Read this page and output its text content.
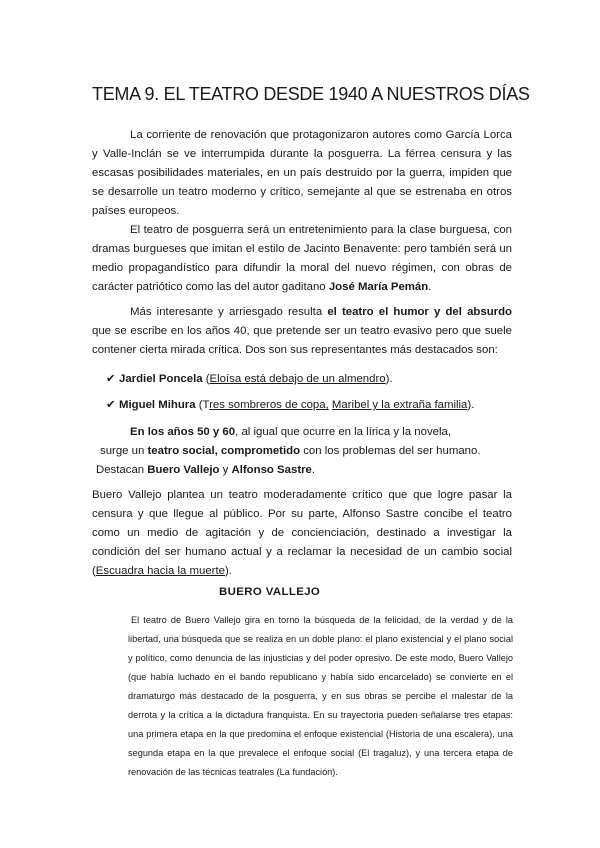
TEMA 9. EL TEATRO DESDE 1940 A NUESTROS DÍAS

La corriente de renovación que protagonizaron autores como García Lorca y Valle-Inclán se ve interrumpida durante la posguerra. La férrea censura y las escasas posibilidades materiales, en un país destruido por la guerra, impiden que se desarrolle un teatro moderno y crítico, semejante al que se estrenaba en otros países europeos.

El teatro de posguerra será un entretenimiento para la clase burguesa, con dramas burgueses que imitan el estilo de Jacinto Benavente: pero también será un medio propagandístico para difundir la moral del nuevo régimen, con obras de carácter patriótico como las del autor gaditano José María Pemán.

Más interesante y arriesgado resulta el teatro el humor y del absurdo que se escribe en los años 40, que pretende ser un teatro evasivo pero que suele contener cierta mirada crítica. Dos son sus representantes más destacados son:

✔ Jardiel Poncela (Eloísa está debajo de un almendro).

✔ Miguel Mihura (Tres sombreros de copa, Maribel y la extraña familia).

En los años 50 y 60, al igual que ocurre en la lírica y la novela,
surge un teatro social, comprometido con los problemas del ser humano.
Destacan Buero Vallejo y Alfonso Sastre.

Buero Vallejo plantea un teatro moderadamente crítico que que logre pasar la censura y que llegue al público. Por su parte, Alfonso Sastre concibe el teatro como un medio de agitación y de concienciación, destinado a investigar la condición del ser humano actual y a reclamar la necesidad de un cambio social (Escuadra hacia la muerte).

BUERO VALLEJO

El teatro de Buero Vallejo gira en torno la búsqueda de la felicidad, de la verdad y de la libertad, una búsqueda que se realiza en un doble plano: el plano existencial y el plano social y político, como denuncia de las injusticias y del poder opresivo. De este modo, Buero Vallejo (que había luchado en el bando republicano y había sido encarcelado) se convierte en el dramaturgo más destacado de la posguerra, y en sus obras se percibe el malestar de la derrota y la crítica a la dictadura franquista. En su trayectoria pueden señalarse tres etapas: una primera etapa en la que predomina el enfoque existencial (Historia de una escalera), una segunda etapa en la que prevalece el enfoque social (El tragaluz), y una tercera etapa de renovación de las técnicas teatrales (La fundación).
